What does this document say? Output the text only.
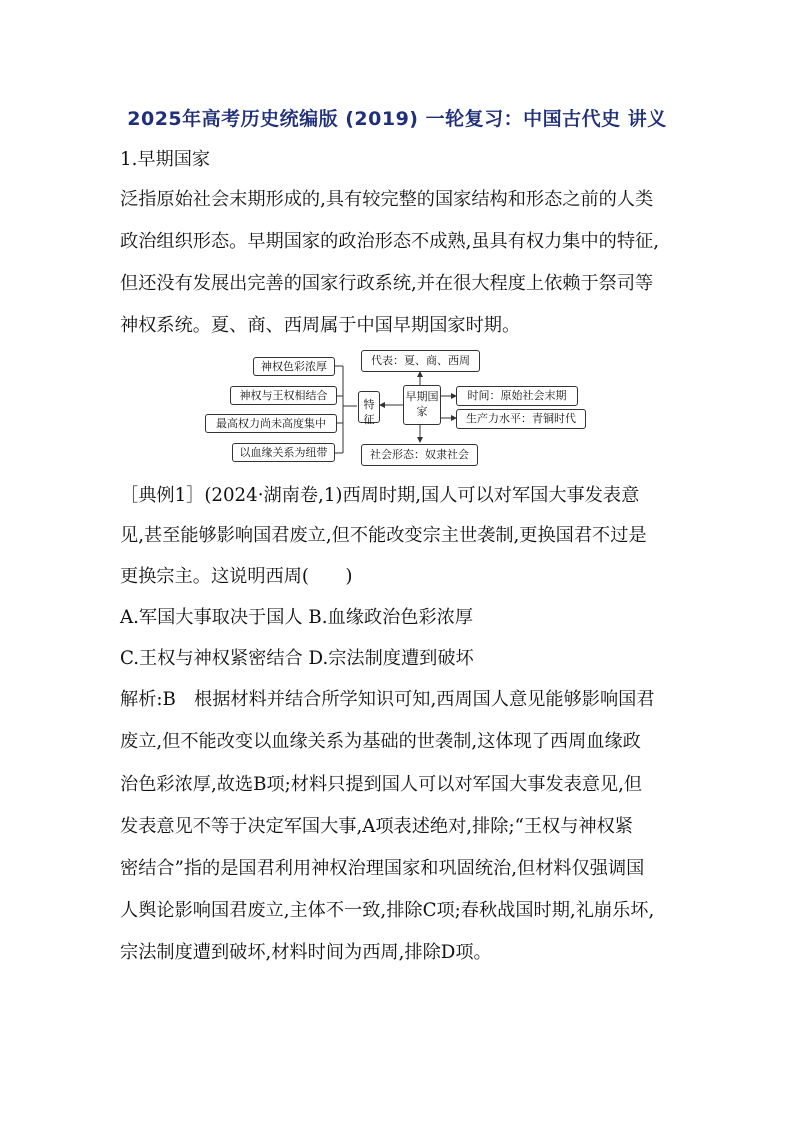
2025年高考历史统编版 (2019) 一轮复习：中国古代史 讲义
1.早期国家
泛指原始社会末期形成的,具有较完整的国家结构和形态之前的人类
政治组织形态。早期国家的政治形态不成熟,虽具有权力集中的特征,
但还没有发展出完善的国家行政系统,并在很大程度上依赖于祭司等
神权系统。夏、商、西周属于中国早期国家时期。
神权色彩浓厚
神权与王权相结合
最高权力尚未高度集中
以血缘关系为纽带
特征
早期国家
代表：夏、商、西周
时间：原始社会末期
生产力水平：青铜时代
社会形态：奴隶社会
［典例1］(2024·湖南卷,1)西周时期,国人可以对军国大事发表意
见,甚至能够影响国君废立,但不能改变宗主世袭制,更换国君不过是
更换宗主。这说明西周(　　)
A.军国大事取决于国人 B.血缘政治色彩浓厚
C.王权与神权紧密结合 D.宗法制度遭到破坏
解析:B　根据材料并结合所学知识可知,西周国人意见能够影响国君
废立,但不能改变以血缘关系为基础的世袭制,这体现了西周血缘政
治色彩浓厚,故选B项;材料只提到国人可以对军国大事发表意见,但
发表意见不等于决定军国大事,A项表述绝对,排除;“王权与神权紧
密结合”指的是国君利用神权治理国家和巩固统治,但材料仅强调国
人舆论影响国君废立,主体不一致,排除C项;春秋战国时期,礼崩乐坏,
宗法制度遭到破坏,材料时间为西周,排除D项。
